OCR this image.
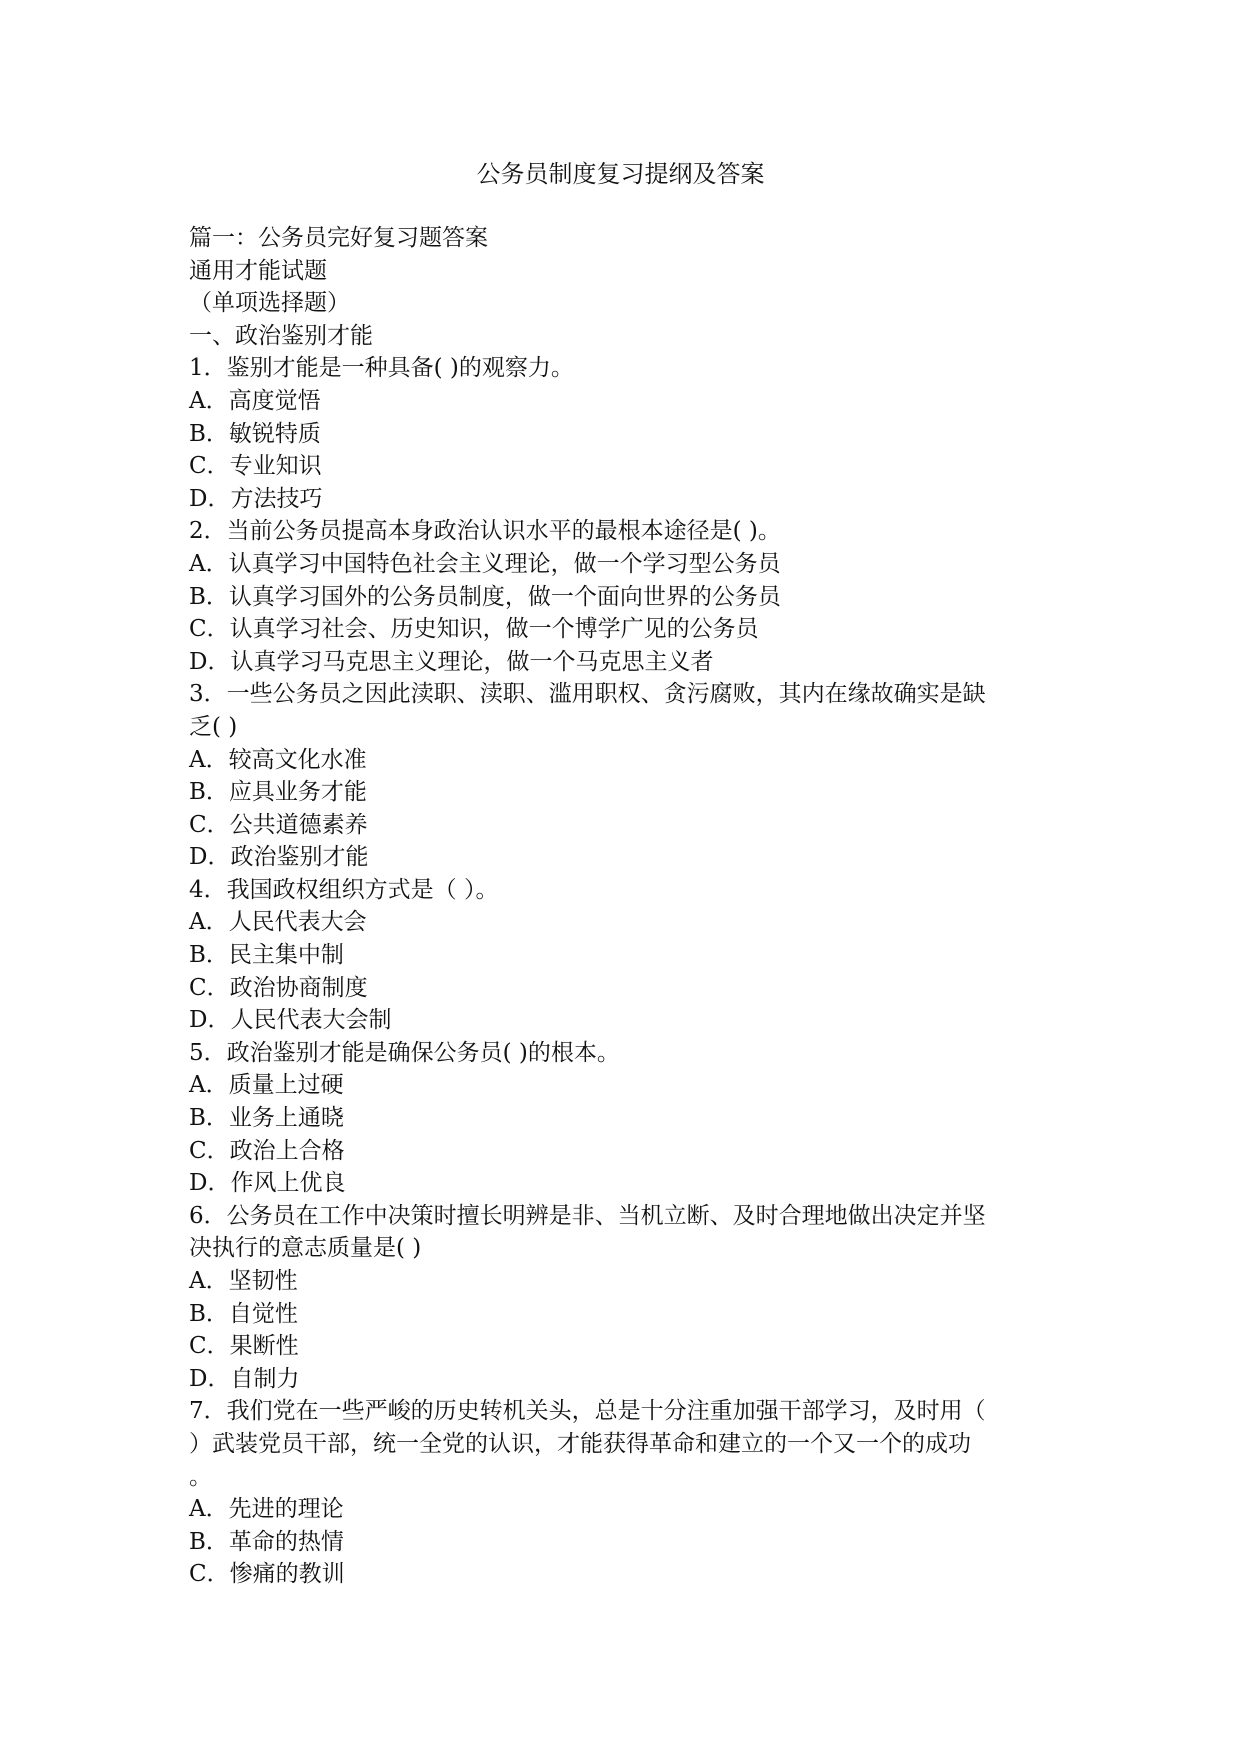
公务员制度复习提纲及答案
篇一：公务员完好复习题答案
通用才能试题
（单项选择题）
一、政治鉴别才能
1．鉴别才能是一种具备( )的观察力。
A．高度觉悟
B．敏锐特质
C．专业知识
D．方法技巧
2．当前公务员提高本身政治认识水平的最根本途径是( )。
A．认真学习中国特色社会主义理论，做一个学习型公务员
B．认真学习国外的公务员制度，做一个面向世界的公务员
C．认真学习社会、历史知识，做一个博学广见的公务员
D．认真学习马克思主义理论，做一个马克思主义者
3．一些公务员之因此渎职、渎职、滥用职权、贪污腐败，其内在缘故确实是缺
乏( )
A．较高文化水准
B．应具业务才能
C．公共道德素养
D．政治鉴别才能
4．我国政权组织方式是（ ）。
A．人民代表大会
B．民主集中制
C．政治协商制度
D．人民代表大会制
5．政治鉴别才能是确保公务员( )的根本。
A．质量上过硬
B．业务上通晓
C．政治上合格
D．作风上优良
6．公务员在工作中决策时擅长明辨是非、当机立断、及时合理地做出决定并坚
决执行的意志质量是( )
A．坚韧性
B．自觉性
C．果断性
D．自制力
7．我们党在一些严峻的历史转机关头，总是十分注重加强干部学习，及时用（
）武装党员干部，统一全党的认识，才能获得革命和建立的一个又一个的成功
。
A．先进的理论
B．革命的热情
C．惨痛的教训
